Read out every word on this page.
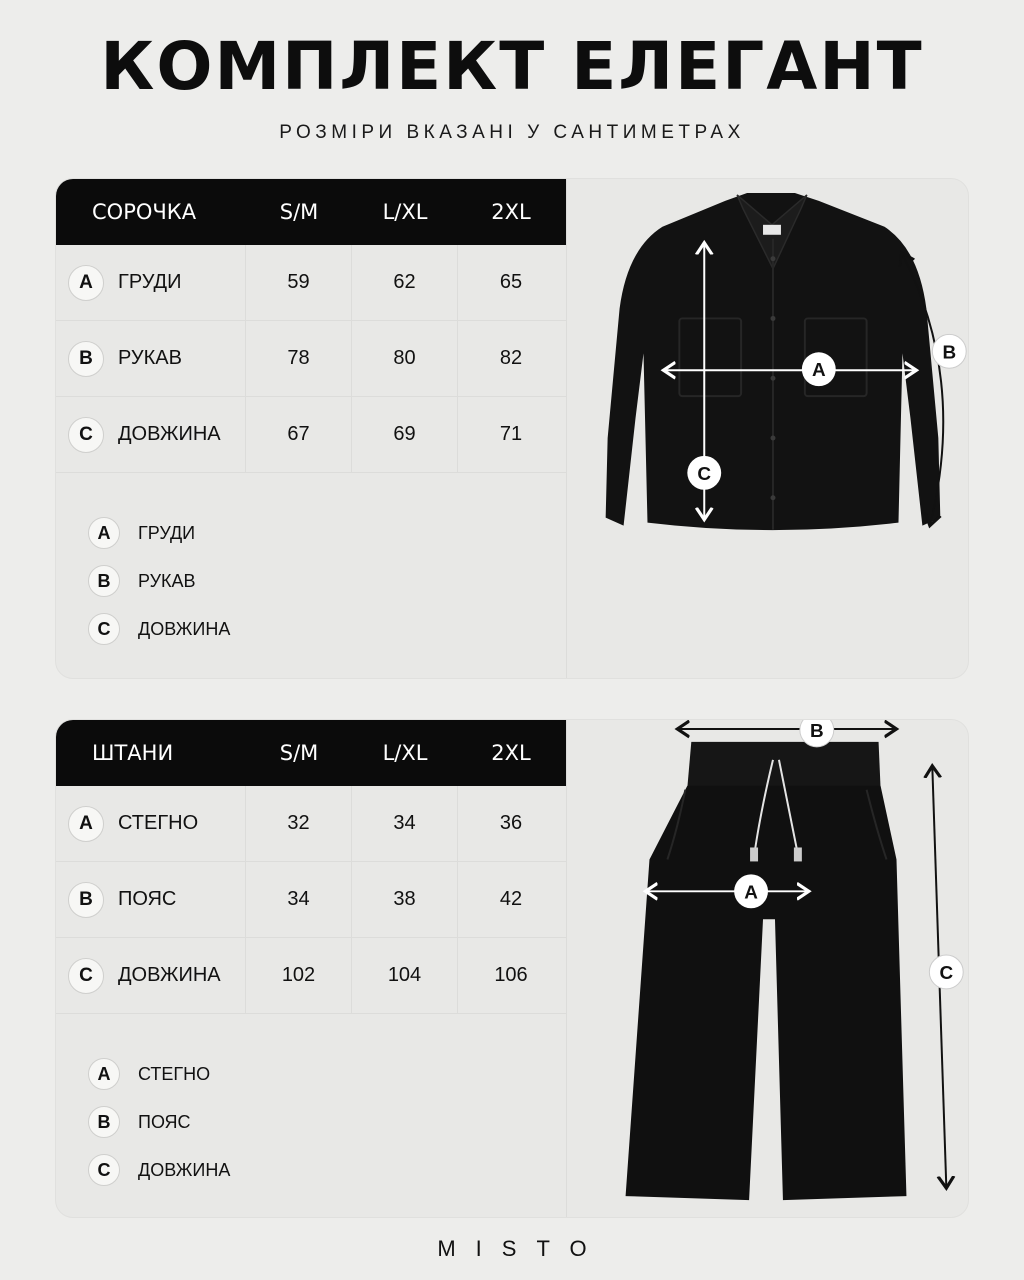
КОМПЛЕКТ ЕЛЕГАНТ
РОЗМІРИ ВКАЗАНІ У САНТИМЕТРАХ
СОРОЧКА	S/M	L/XL	2XL
A	ГРУДИ	59	62	65
B	РУКАВ	78	80	82
C	ДОВЖИНА	67	69	71
A	ГРУДИ
B	РУКАВ
C	ДОВЖИНА
A
B
C
ШТАНИ	S/M	L/XL	2XL
A	СТЕГНО	32	34	36
B	ПОЯС	34	38	42
C	ДОВЖИНА	102	104	106
A	СТЕГНО
B	ПОЯС
C	ДОВЖИНА
A
B
C
MISTO
